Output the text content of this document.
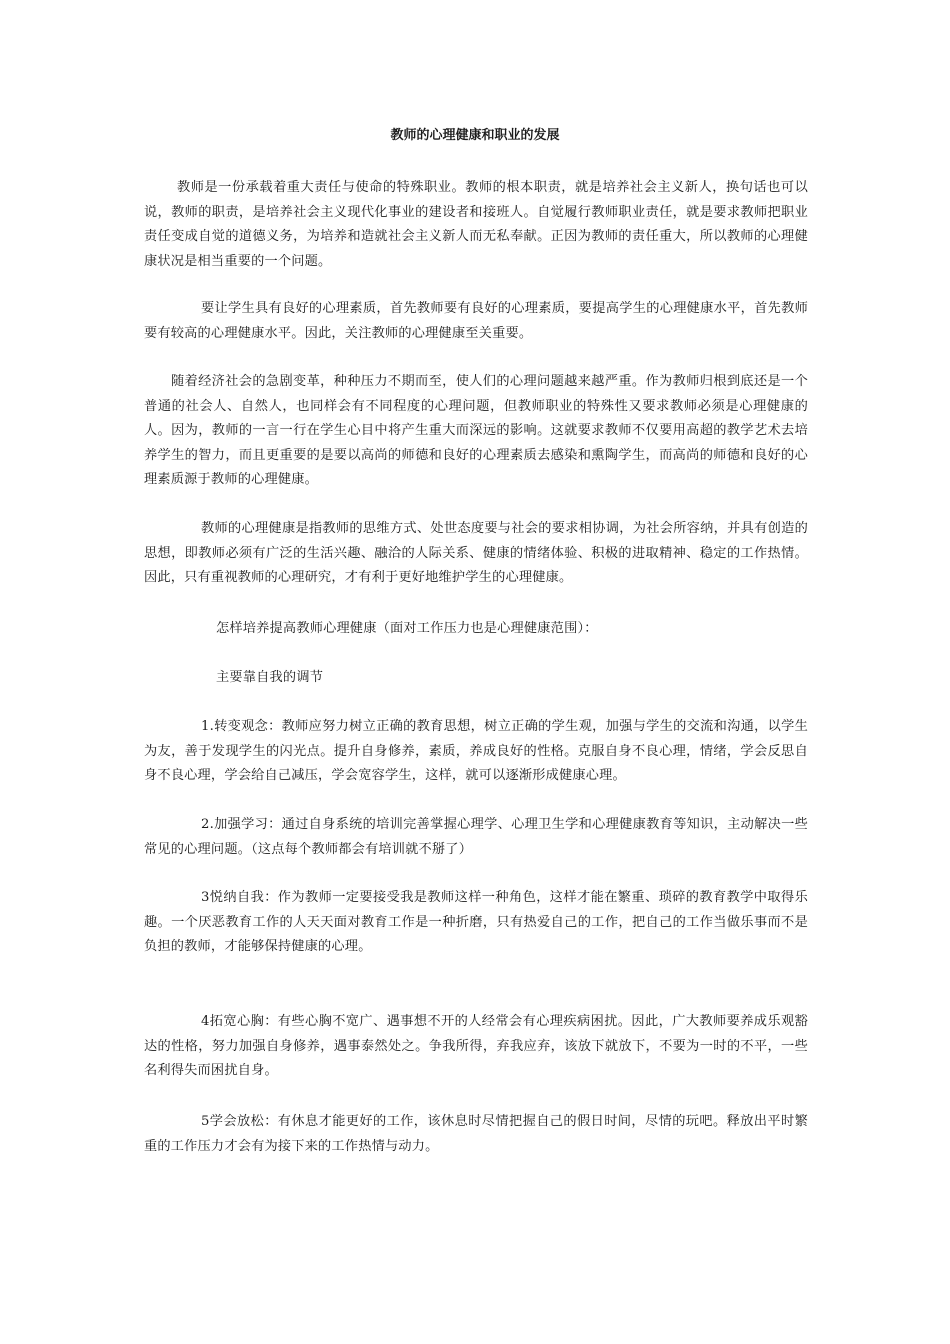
教师的心理健康和职业的发展

教师是一份承载着重大责任与使命的特殊职业。教师的根本职责，就是培养社会主义新人，换句话也可以说，教师的职责，是培养社会主义现代化事业的建设者和接班人。自觉履行教师职业责任，就是要求教师把职业责任变成自觉的道德义务，为培养和造就社会主义新人而无私奉献。正因为教师的责任重大，所以教师的心理健康状况是相当重要的一个问题。

要让学生具有良好的心理素质，首先教师要有良好的心理素质，要提高学生的心理健康水平，首先教师要有较高的心理健康水平。因此，关注教师的心理健康至关重要。

随着经济社会的急剧变革，种种压力不期而至，使人们的心理问题越来越严重。作为教师归根到底还是一个普通的社会人、自然人，也同样会有不同程度的心理问题，但教师职业的特殊性又要求教师必须是心理健康的人。因为，教师的一言一行在学生心目中将产生重大而深远的影响。这就要求教师不仅要用高超的教学艺术去培养学生的智力，而且更重要的是要以高尚的师德和良好的心理素质去感染和熏陶学生，而高尚的师德和良好的心理素质源于教师的心理健康。

教师的心理健康是指教师的思维方式、处世态度要与社会的要求相协调，为社会所容纳，并具有创造的思想，即教师必须有广泛的生活兴趣、融洽的人际关系、健康的情绪体验、积极的进取精神、稳定的工作热情。因此，只有重视教师的心理研究，才有利于更好地维护学生的心理健康。

怎样培养提高教师心理健康（面对工作压力也是心理健康范围）：

主要靠自我的调节

1.转变观念：教师应努力树立正确的教育思想，树立正确的学生观，加强与学生的交流和沟通，以学生为友，善于发现学生的闪光点。提升自身修养，素质，养成良好的性格。克服自身不良心理，情绪，学会反思自身不良心理，学会给自己减压，学会宽容学生，这样，就可以逐渐形成健康心理。

2.加强学习：通过自身系统的培训完善掌握心理学、心理卫生学和心理健康教育等知识，主动解决一些常见的心理问题。（这点每个教师都会有培训就不掰了）

3悦纳自我：作为教师一定要接受我是教师这样一种角色，这样才能在繁重、琐碎的教育教学中取得乐趣。一个厌恶教育工作的人天天面对教育工作是一种折磨，只有热爱自己的工作，把自己的工作当做乐事而不是负担的教师，才能够保持健康的心理。

4拓宽心胸：有些心胸不宽广、遇事想不开的人经常会有心理疾病困扰。因此，广大教师要养成乐观豁达的性格，努力加强自身修养，遇事泰然处之。争我所得，弃我应弃，该放下就放下，不要为一时的不平，一些名利得失而困扰自身。

5学会放松：有休息才能更好的工作，该休息时尽情把握自己的假日时间，尽情的玩吧。释放出平时繁重的工作压力才会有为接下来的工作热情与动力。
